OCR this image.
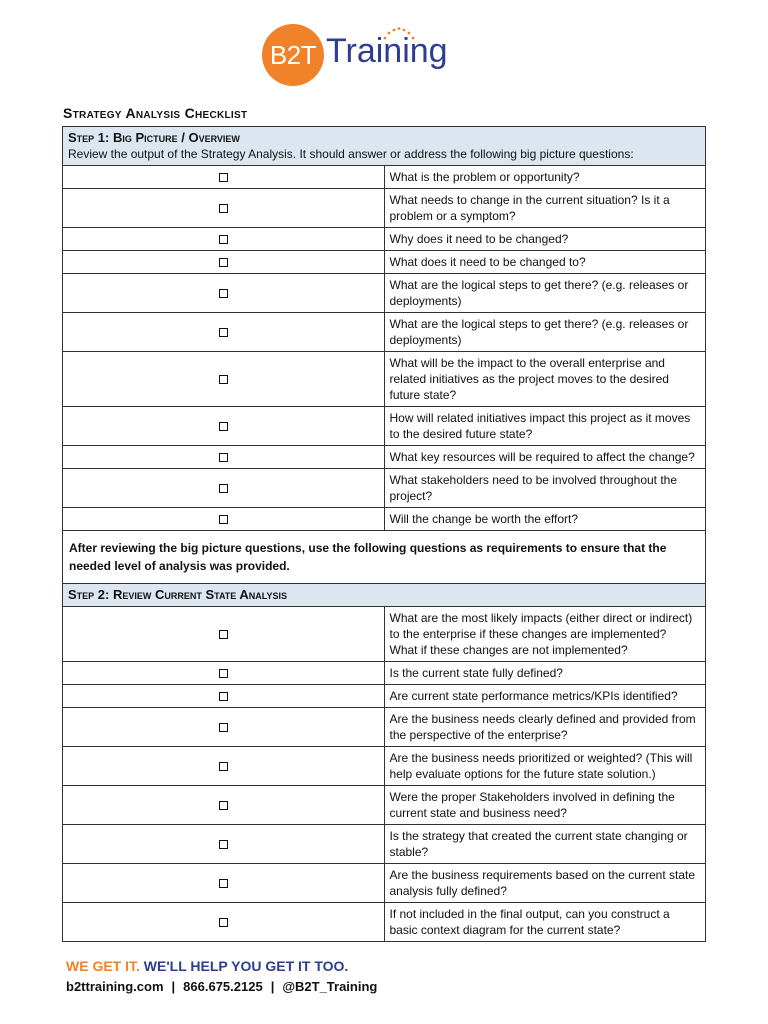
B2T Training
Strategy Analysis Checklist
Step 1: Big Picture / Overview
Review the output of the Strategy Analysis. It should answer or address the following big picture questions:	

	What is the problem or opportunity?
	What needs to change in the current situation? Is it a problem or a symptom?
	Why does it need to be changed?
	What does it need to be changed to?
	What are the logical steps to get there? (e.g. releases or deployments)
	What are the logical steps to get there? (e.g. releases or deployments)
	What will be the impact to the overall enterprise and related initiatives as the project moves to the desired future state?
	How will related initiatives impact this project as it moves to the desired future state?
	What key resources will be required to affect the change?
	What stakeholders need to be involved throughout the project?
	Will the change be worth the effort?
After reviewing the big picture questions, use the following questions as requirements to ensure that the needed level of analysis was provided.	

Step 2: Review Current State Analysis	

	What are the most likely impacts (either direct or indirect) to the enterprise if these changes are implemented?
What if these changes are not implemented?
	Is the current state fully defined?
	Are current state performance metrics/KPIs identified?
	Are the business needs clearly defined and provided from the perspective of the enterprise?
	Are the business needs prioritized or weighted? (This will help evaluate options for the future state solution.)
	Were the proper Stakeholders involved in defining the current state and business need?
	Is the strategy that created the current state changing or stable?
	Are the business requirements based on the current state analysis fully defined?
	If not included in the final output, can you construct a basic context diagram for the current state?
WE GET IT. WE'LL HELP YOU GET IT TOO.
b2ttraining.com | 866.675.2125 | @B2T_Training
